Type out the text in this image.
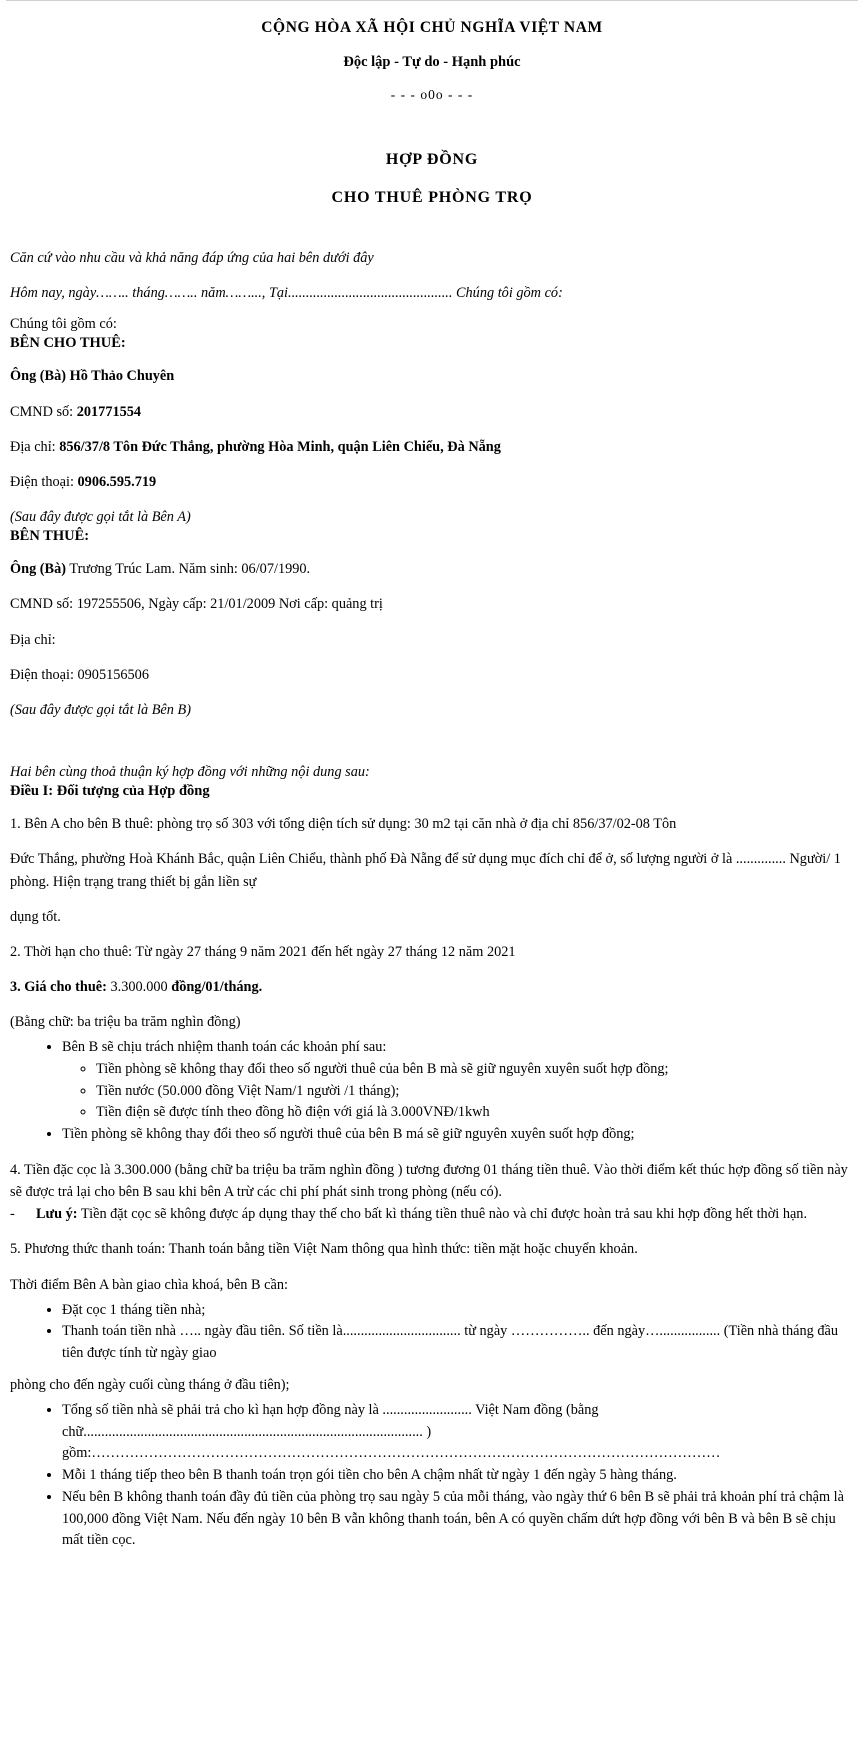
CỘNG HÒA XÃ HỘI CHỦ NGHĨA VIỆT NAM
Độc lập - Tự do - Hạnh phúc
- - - o0o - - -
HỢP ĐỒNG
CHO THUÊ PHÒNG TRỌ

Căn cứ vào nhu cầu và khả năng đáp ứng của hai bên dưới đây

Hôm nay, ngày…….. tháng…….. năm……..., Tại.............................................. Chúng tôi gồm có:

Chúng tôi gồm có:

BÊN CHO THUÊ:

Ông (Bà) Hồ Thảo Chuyên

CMND số: 201771554

Địa chỉ: 856/37/8 Tôn Đức Thắng, phường Hòa Minh, quận Liên Chiểu, Đà Nẵng

Điện thoại: 0906.595.719

(Sau đây được gọi tắt là Bên A)

BÊN THUÊ:

Ông (Bà) Trương Trúc Lam. Năm sinh: 06/07/1990.

CMND số: 197255506, Ngày cấp: 21/01/2009 Nơi cấp: quảng trị

Địa chỉ:

Điện thoại: 0905156506

(Sau đây được gọi tắt là Bên B)

Hai bên cùng thoả thuận ký hợp đồng với những nội dung sau:

Điều I: Đối tượng của Hợp đồng

1. Bên A cho bên B thuê: phòng trọ số 303 với tổng diện tích sử dụng: 30 m2 tại căn nhà ở địa chỉ 856/37/02-08 Tôn

Đức Thắng, phường Hoà Khánh Bắc, quận Liên Chiểu, thành phố Đà Nẵng để sử dụng mục đích chỉ để ở, số lượng người ở là .............. Người/ 1 phòng. Hiện trạng trang thiết bị gắn liền sự

dụng tốt.

2. Thời hạn cho thuê: Từ ngày 27 tháng 9 năm 2021 đến hết ngày 27 tháng 12 năm 2021

3. Giá cho thuê: 3.300.000 đồng/01/tháng.

(Bằng chữ: ba triệu ba trăm nghìn đồng)

• Bên B sẽ chịu trách nhiệm thanh toán các khoản phí sau:
◦ Tiền phòng sẽ không thay đổi theo số người thuê của bên B mà sẽ giữ nguyên xuyên suốt hợp đồng;
◦ Tiền nước (50.000 đồng Việt Nam/1 người /1 tháng);
◦ Tiền điện sẽ được tính theo đồng hồ điện với giá là 3.000VNĐ/1kwh
• Tiền phòng sẽ không thay đổi theo số người thuê của bên B má sẽ giữ nguyên xuyên suốt hợp đồng;

4. Tiền đặc cọc là 3.300.000 (bằng chữ ba triệu ba trăm nghìn đồng ) tương đương 01 tháng tiền thuê. Vào thời điểm kết thúc hợp đồng số tiền này sẽ được trả lại cho bên B sau khi bên A trừ các chi phí phát sinh trong phòng (nếu có).

- Lưu ý: Tiền đặt cọc sẽ không được áp dụng thay thế cho bất kì tháng tiền thuê nào và chỉ được hoàn trả sau khi hợp đồng hết thời hạn.

5. Phương thức thanh toán: Thanh toán bằng tiền Việt Nam thông qua hình thức: tiền mặt hoặc chuyển khoản.

Thời điểm Bên A bàn giao chìa khoá, bên B cần:

• Đặt cọc 1 tháng tiền nhà;
• Thanh toán tiền nhà ….. ngày đầu tiên. Số tiền là................................. từ ngày …………….. đến ngày…................. (Tiền nhà tháng đầu tiên được tính từ ngày giao

phòng cho đến ngày cuối cùng tháng ở đầu tiên);

• Tổng số tiền nhà sẽ phải trả cho kì hạn hợp đồng này là ......................... Việt Nam đồng (bằng chữ............................................................................................... ) gồm:……………………………………………………………………………………………………………………
• Mỗi 1 tháng tiếp theo bên B thanh toán trọn gói tiền cho bên A chậm nhất từ ngày 1 đến ngày 5 hàng tháng.
• Nếu bên B không thanh toán đầy đủ tiền của phòng trọ sau ngày 5 của mỗi tháng, vào ngày thứ 6 bên B sẽ phải trả khoản phí trả chậm là 100,000 đồng Việt Nam. Nếu đến ngày 10 bên B vẫn không thanh toán, bên A có quyền chấm dứt hợp đồng với bên B và bên B sẽ chịu mất tiền cọc.
